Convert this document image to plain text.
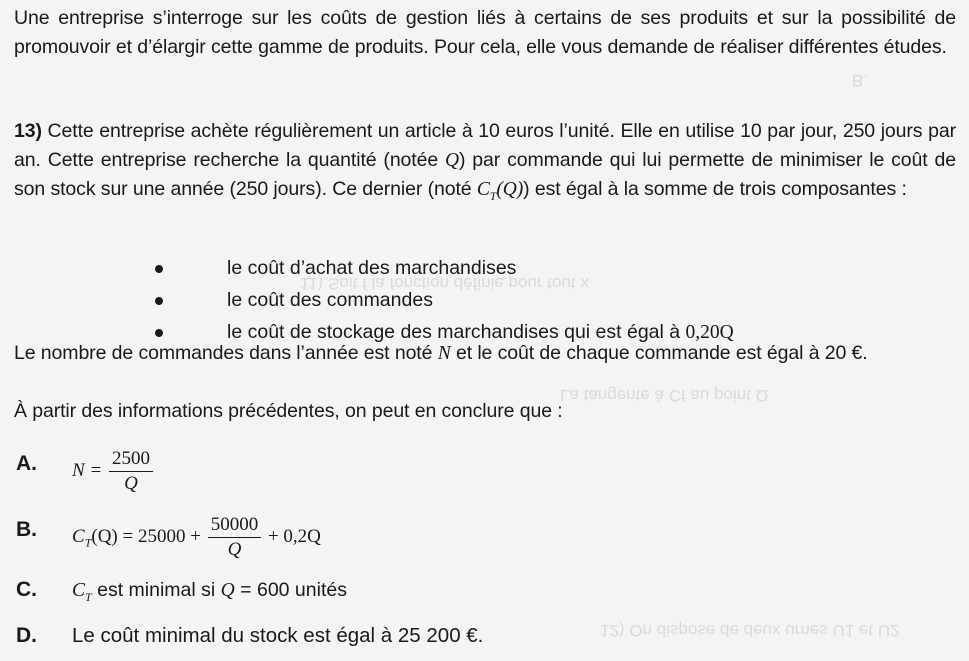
B.
11) Soit f la fonction définie pour tout x
La tangente à Cf au point Ω
12) On dispose de deux urnes U1 et U2

Une entreprise s’interroge sur les coûts de gestion liés à certains de ses produits et sur la possibilité de promouvoir et d’élargir cette gamme de produits. Pour cela, elle vous demande de réaliser différentes études.

13) Cette entreprise achète régulièrement un article à 10 euros l’unité. Elle en utilise 10 par jour, 250 jours par an. Cette entreprise recherche la quantité (notée Q) par commande qui lui permette de minimiser le coût de son stock sur une année (250 jours). Ce dernier (noté $C_T(Q)$) est égal à la somme de trois composantes :

le coût d’achat des marchandises
le coût des commandes
le coût de stockage des marchandises qui est égal à 0,20Q

Le nombre de commandes dans l’année est noté N et le coût de chaque commande est égal à 20 €.

À partir des informations précédentes, on peut en conclure que :

A. $N = \frac{2500}{Q}$
B. $C_T(Q) = 25000 + \frac{50000}{Q} + 0,2Q$
C. $C_T$ est minimal si Q = 600 unités
D. Le coût minimal du stock est égal à 25 200 €.
